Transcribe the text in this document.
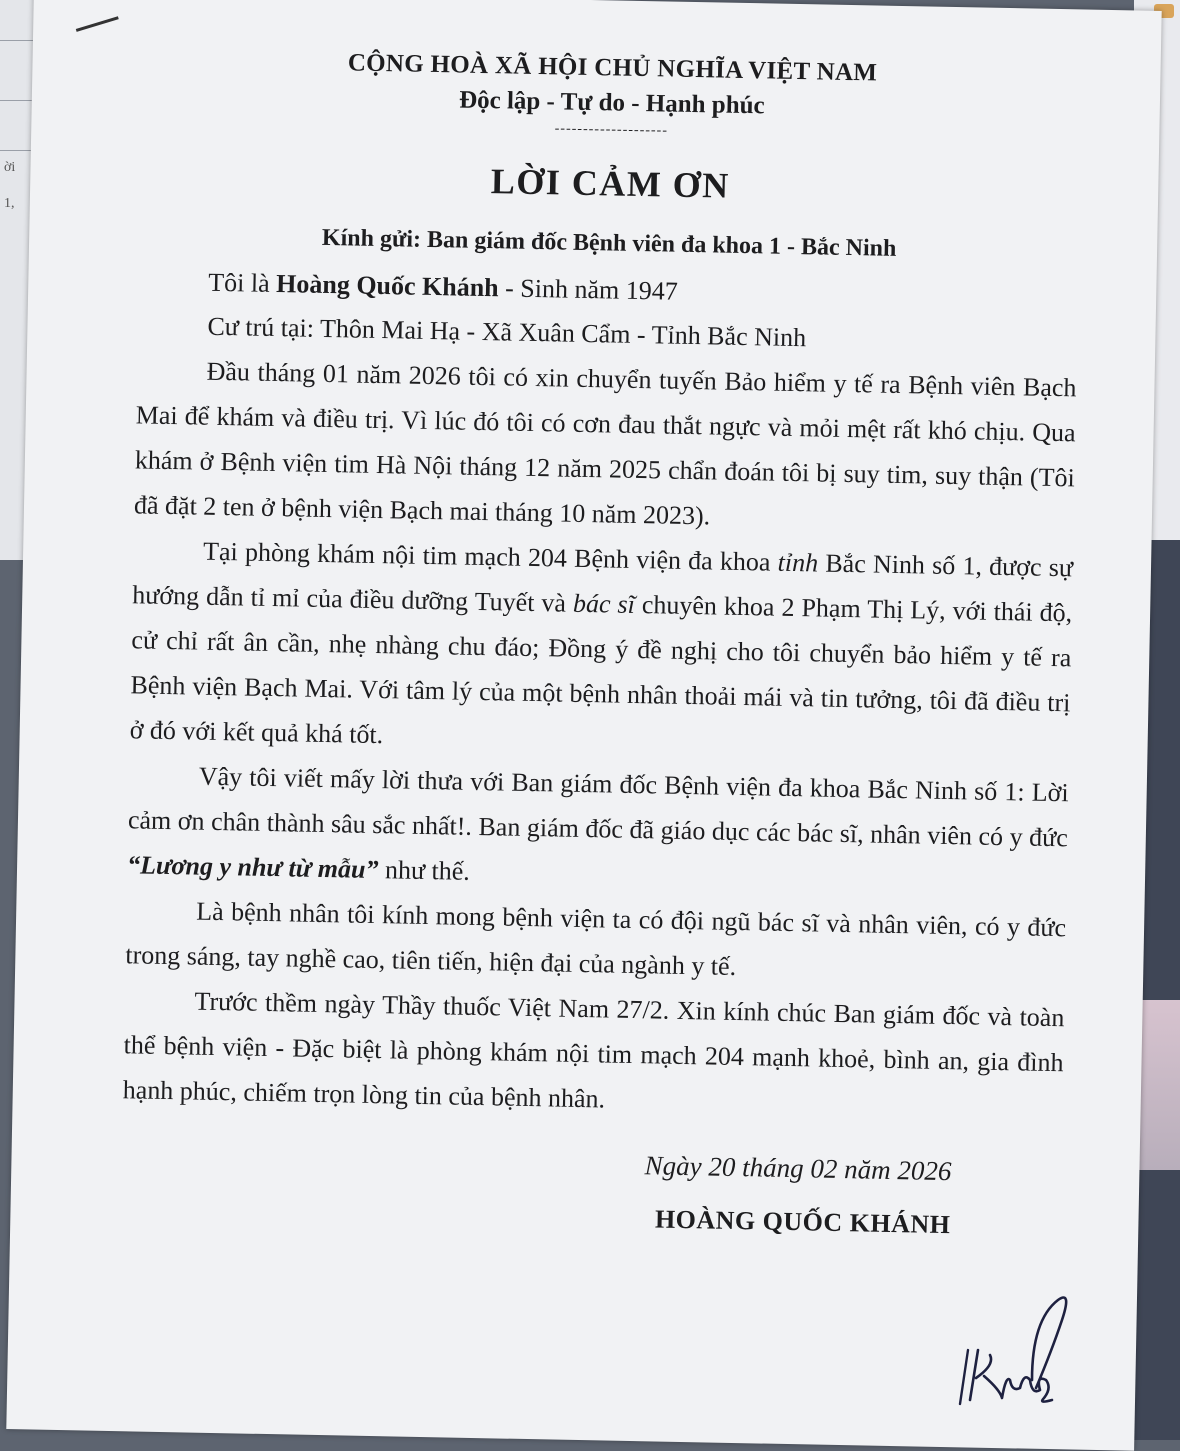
ời
1,
CỘNG HOÀ XÃ HỘI CHỦ NGHĨA VIỆT NAM
Độc lập - Tự do - Hạnh phúc
--------------------
LỜI CẢM ƠN
Kính gửi: Ban giám đốc Bệnh viên đa khoa 1 - Bắc Ninh
Tôi là Hoàng Quốc Khánh - Sinh năm 1947
Cư trú tại: Thôn Mai Hạ - Xã Xuân Cẩm - Tỉnh Bắc Ninh

Đầu tháng 01 năm 2026 tôi có xin chuyển tuyến Bảo hiểm y tế ra Bệnh viên Bạch Mai để khám và điều trị. Vì lúc đó tôi có cơn đau thắt ngực và mỏi mệt rất khó chịu. Qua khám ở Bệnh viện tim Hà Nội tháng 12 năm 2025 chẩn đoán tôi bị suy tim, suy thận (Tôi đã đặt 2 ten ở bệnh viện Bạch mai tháng 10 năm 2023).

Tại phòng khám nội tim mạch 204 Bệnh viện đa khoa tỉnh Bắc Ninh số 1, được sự hướng dẫn tỉ mỉ của điều dưỡng Tuyết và bác sĩ chuyên khoa 2 Phạm Thị Lý, với thái độ, cử chỉ rất ân cần, nhẹ nhàng chu đáo; Đồng ý đề nghị cho tôi chuyển bảo hiểm y tế ra Bệnh viện Bạch Mai. Với tâm lý của một bệnh nhân thoải mái và tin tưởng, tôi đã điều trị ở đó với kết quả khá tốt.

Vậy tôi viết mấy lời thưa với Ban giám đốc Bệnh viện đa khoa Bắc Ninh số 1: Lời cảm ơn chân thành sâu sắc nhất!. Ban giám đốc đã giáo dục các bác sĩ, nhân viên có y đức “Lương y như từ mẫu” như thế.

Là bệnh nhân tôi kính mong bệnh viện ta có đội ngũ bác sĩ và nhân viên, có y đức trong sáng, tay nghề cao, tiên tiến, hiện đại của ngành y tế.

Trước thềm ngày Thầy thuốc Việt Nam 27/2. Xin kính chúc Ban giám đốc và toàn thể bệnh viện - Đặc biệt là phòng khám nội tim mạch 204 mạnh khoẻ, bình an, gia đình hạnh phúc, chiếm trọn lòng tin của bệnh nhân.

Ngày 20 tháng 02 năm 2026
HOÀNG QUỐC KHÁNH
